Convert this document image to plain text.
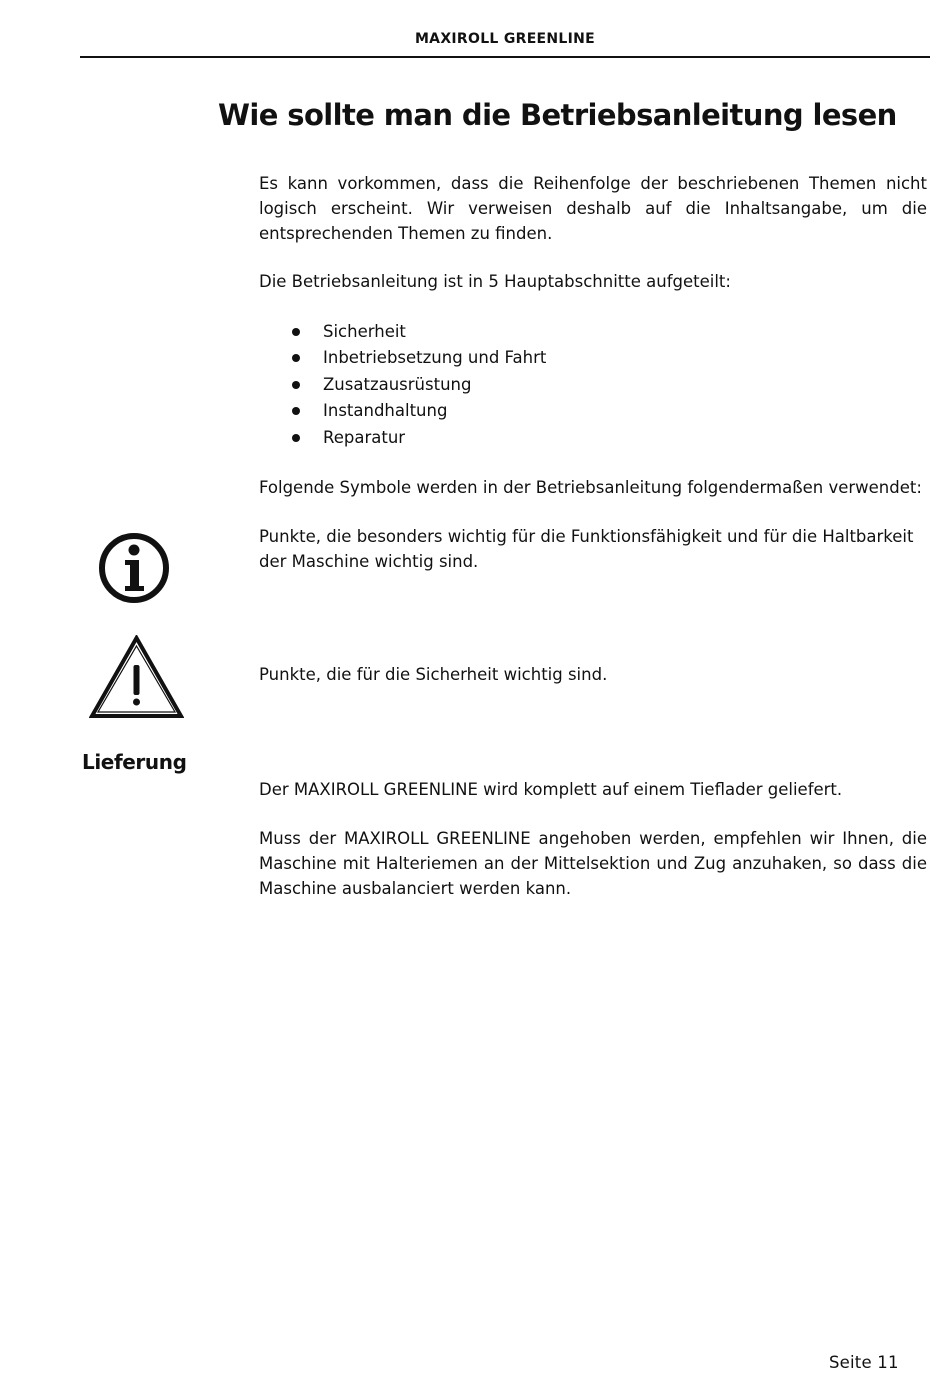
MAXIROLL GREENLINE
Wie sollte man die Betriebsanleitung lesen

Es kann vorkommen, dass die Reihenfolge der beschriebenen Themen nicht logisch erscheint. Wir verweisen deshalb auf die Inhaltsangabe, um die entsprechenden Themen zu finden.

Die Betriebsanleitung ist in 5 Hauptabschnitte aufgeteilt:

Sicherheit
Inbetriebsetzung und Fahrt
Zusatzausrüstung
Instandhaltung
Reparatur

Folgende Symbole werden in der Betriebsanleitung folgendermaßen verwendet:

Punkte, die besonders wichtig für die Funktionsfähigkeit und für die Haltbarkeit der Maschine wichtig sind.

Punkte, die für die Sicherheit wichtig sind.

Lieferung

Der MAXIROLL GREENLINE wird komplett auf einem Tieflader geliefert.

Muss der MAXIROLL GREENLINE angehoben werden, empfehlen wir Ihnen, die Maschine mit Halteriemen an der Mittelsektion und Zug anzuhaken, so dass die Maschine ausbalanciert werden kann.

Seite 11
